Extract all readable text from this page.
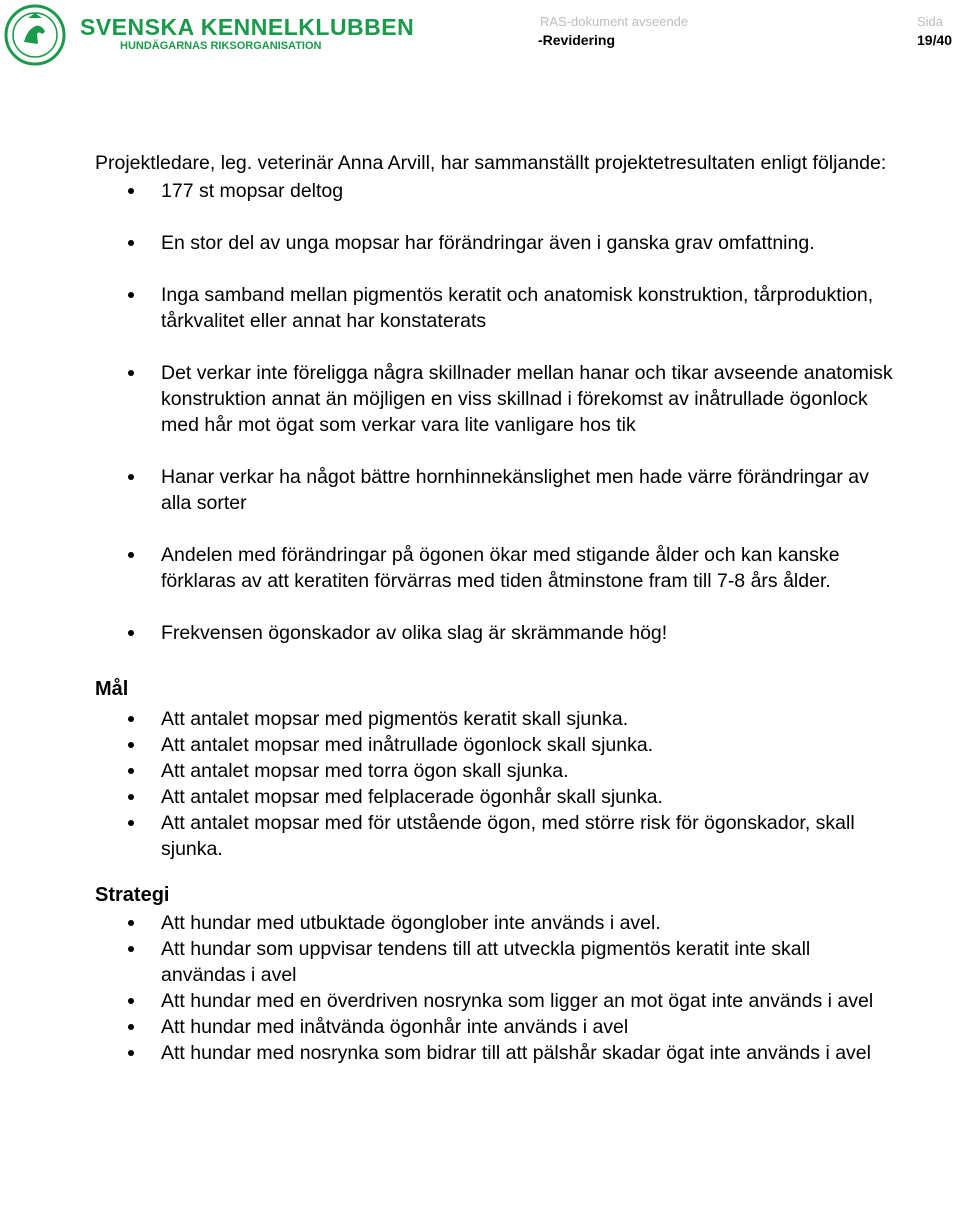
SVENSKA KENNELKLUBBEN
HUNDÄGARNAS RIKSORGANISATION
RAS-dokument avseende
-Revidering
Sida
19/40

Projektledare, leg. veterinär Anna Arvill, har sammanställt projektetresultaten enligt följande:

177 st mopsar deltog
En stor del av unga mopsar har förändringar även i ganska grav omfattning.
Inga samband mellan pigmentös keratit och anatomisk konstruktion, tårproduktion, tårkvalitet eller annat har konstaterats
Det verkar inte föreligga några skillnader mellan hanar och tikar avseende anatomisk konstruktion annat än möjligen en viss skillnad i förekomst av inåtrullade ögonlock med hår mot ögat som verkar vara lite vanligare hos tik
Hanar verkar ha något bättre hornhinnekänslighet men hade värre förändringar av alla sorter
Andelen med förändringar på ögonen ökar med stigande ålder och kan kanske förklaras av att keratiten förvärras med tiden åtminstone fram till 7-8 års ålder.
Frekvensen ögonskador av olika slag är skrämmande hög!

Mål

Att antalet mopsar med pigmentös keratit skall sjunka.
Att antalet mopsar med inåtrullade ögonlock skall sjunka.
Att antalet mopsar med torra ögon skall sjunka.
Att antalet mopsar med felplacerade ögonhår skall sjunka.
Att antalet mopsar med för utstående ögon, med större risk för ögonskador, skall sjunka.

Strategi

Att hundar med utbuktade ögonglober inte används i avel.
Att hundar som uppvisar tendens till att utveckla pigmentös keratit inte skall användas i avel
Att hundar med en överdriven nosrynka som ligger an mot ögat inte används i avel
Att hundar med inåtvända ögonhår inte används i avel
Att hundar med nosrynka som bidrar till att pälshår skadar ögat inte används i avel
